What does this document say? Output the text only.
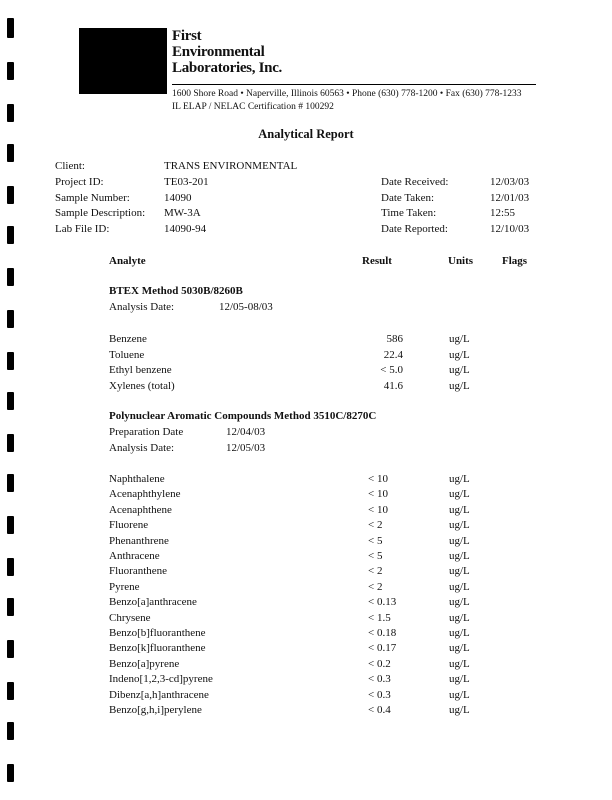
First
Environmental
Laboratories, Inc.
1600 Shore Road • Naperville, Illinois 60563 • Phone (630) 778-1200 • Fax (630) 778-1233
IL ELAP / NELAC Certification # 100292
Analytical Report
Client:	TRANS ENVIRONMENTAL
Project ID:	TE03-201
Sample Number:	14090
Sample Description: MW-3A
Lab File ID:	14090-94
Date Received:	12/03/03
Date Taken:	12/01/03
Time Taken:	12:55
Date Reported:	12/10/03
Analyte	Result	Units	Flags
BTEX Method 5030B/8260B
Analysis Date:	12/05-08/03
Benzene	586	ug/L
Toluene	22.4	ug/L
Ethyl benzene	< 5.0	ug/L
Xylenes (total)	41.6	ug/L
Polynuclear Aromatic Compounds Method 3510C/8270C
Preparation Date	12/04/03
Analysis Date:	12/05/03
Naphthalene	< 10	ug/L
Acenaphthylene	< 10	ug/L
Acenaphthene	< 10	ug/L
Fluorene	< 2	ug/L
Phenanthrene	< 5	ug/L
Anthracene	< 5	ug/L
Fluoranthene	< 2	ug/L
Pyrene	< 2	ug/L
Benzo[a]anthracene	< 0.13	ug/L
Chrysene	< 1.5	ug/L
Benzo[b]fluoranthene	< 0.18	ug/L
Benzo[k]fluoranthene	< 0.17	ug/L
Benzo[a]pyrene	< 0.2	ug/L
Indeno[1,2,3-cd]pyrene	< 0.3	ug/L
Dibenz[a,h]anthracene	< 0.3	ug/L
Benzo[g,h,i]perylene	< 0.4	ug/L
